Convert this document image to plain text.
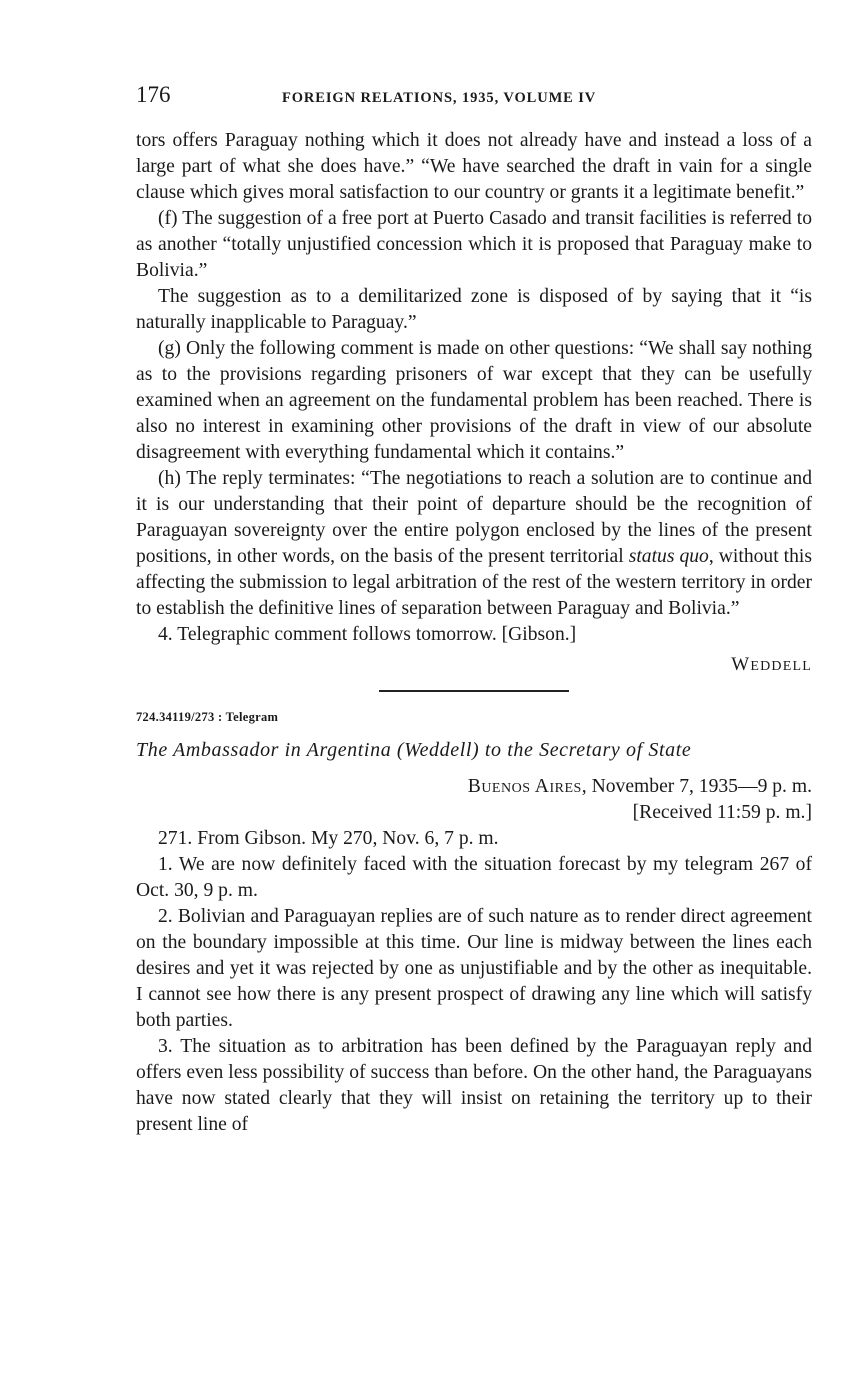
176	FOREIGN RELATIONS, 1935, VOLUME IV

tors offers Paraguay nothing which it does not already have and instead a loss of a large part of what she does have.” “We have searched the draft in vain for a single clause which gives moral satisfaction to our country or grants it a legitimate benefit.”

(f) The suggestion of a free port at Puerto Casado and transit facilities is referred to as another “totally unjustified concession which it is proposed that Paraguay make to Bolivia.”

The suggestion as to a demilitarized zone is disposed of by saying that it “is naturally inapplicable to Paraguay.”

(g) Only the following comment is made on other questions: “We shall say nothing as to the provisions regarding prisoners of war except that they can be usefully examined when an agreement on the fundamental problem has been reached. There is also no interest in examining other provisions of the draft in view of our absolute disagreement with everything fundamental which it contains.”

(h) The reply terminates: “The negotiations to reach a solution are to continue and it is our understanding that their point of departure should be the recognition of Paraguayan sovereignty over the entire polygon enclosed by the lines of the present positions, in other words, on the basis of the present territorial status quo, without this affecting the submission to legal arbitration of the rest of the western territory in order to establish the definitive lines of separation between Paraguay and Bolivia.”

4. Telegraphic comment follows tomorrow. [Gibson.]

WEDDELL
724.34119/273 : Telegram
The Ambassador in Argentina (Weddell) to the Secretary of State
Buenos Aires, November 7, 1935—9 p. m.
[Received 11:59 p. m.]

271. From Gibson. My 270, Nov. 6, 7 p. m.

1. We are now definitely faced with the situation forecast by my telegram 267 of Oct. 30, 9 p. m.

2. Bolivian and Paraguayan replies are of such nature as to render direct agreement on the boundary impossible at this time. Our line is midway between the lines each desires and yet it was rejected by one as unjustifiable and by the other as inequitable. I cannot see how there is any present prospect of drawing any line which will satisfy both parties.

3. The situation as to arbitration has been defined by the Paraguayan reply and offers even less possibility of success than before. On the other hand, the Paraguayans have now stated clearly that they will insist on retaining the territory up to their present line of
